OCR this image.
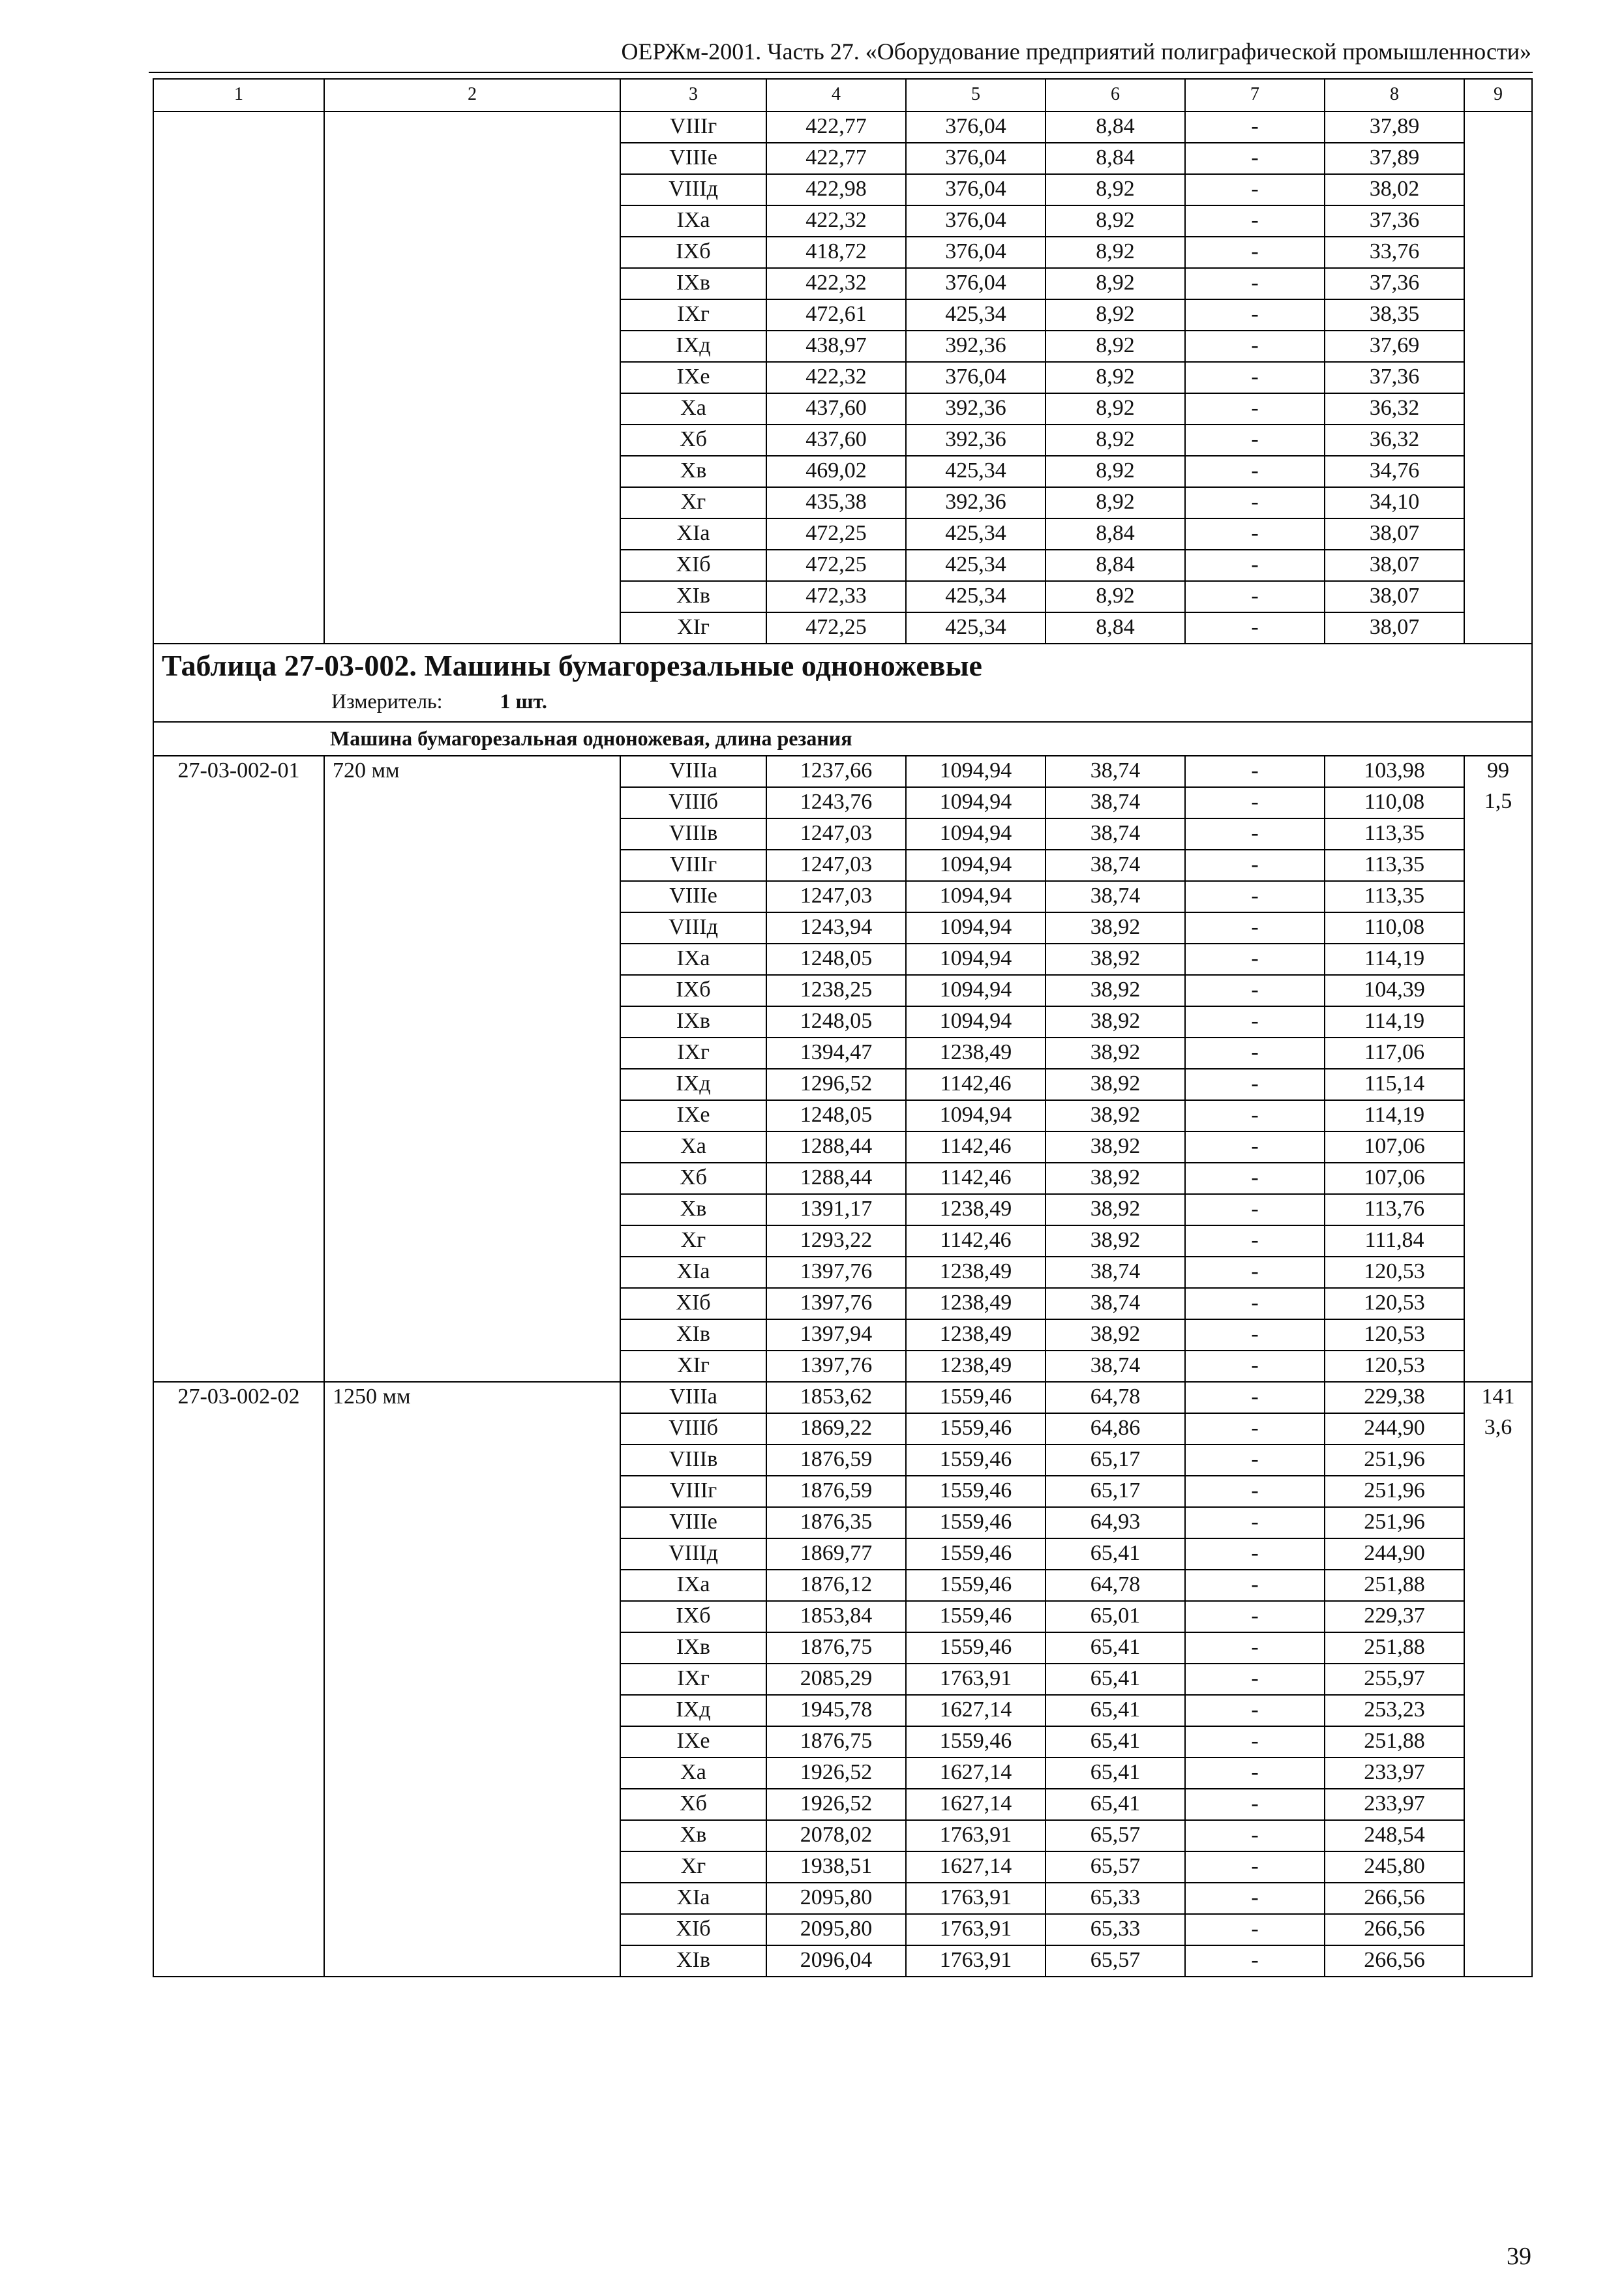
ОЕРЖм-2001. Часть 27. «Оборудование предприятий полиграфической промышленности»
1	2	3	4	5	6	7	8	9
		VIIIг	422,77	376,04	8,84	-	37,89	
		VIIIе	422,77	376,04	8,84	-	37,89	
		VIIIд	422,98	376,04	8,92	-	38,02	
		IXа	422,32	376,04	8,92	-	37,36	
		IXб	418,72	376,04	8,92	-	33,76	
		IXв	422,32	376,04	8,92	-	37,36	
		IXг	472,61	425,34	8,92	-	38,35	
		IXд	438,97	392,36	8,92	-	37,69	
		IXе	422,32	376,04	8,92	-	37,36	
		Xа	437,60	392,36	8,92	-	36,32	
		Xб	437,60	392,36	8,92	-	36,32	
		Xв	469,02	425,34	8,92	-	34,76	
		Xг	435,38	392,36	8,92	-	34,10	
		XIа	472,25	425,34	8,84	-	38,07	
		XIб	472,25	425,34	8,84	-	38,07	
		XIв	472,33	425,34	8,92	-	38,07	
		XIг	472,25	425,34	8,84	-	38,07	

Таблица 27-03-002. Машины бумагорезальные одноножевые
Измеритель: 1 шт.								

Машина бумагорезальная одноножевая, длина резания								
27-03-002-01	720 мм	VIIIа	1237,66	1094,94	38,74	-	103,98	99
		VIIIб	1243,76	1094,94	38,74	-	110,08	1,5
		VIIIв	1247,03	1094,94	38,74	-	113,35	
		VIIIг	1247,03	1094,94	38,74	-	113,35	
		VIIIе	1247,03	1094,94	38,74	-	113,35	
		VIIIд	1243,94	1094,94	38,92	-	110,08	
		IXа	1248,05	1094,94	38,92	-	114,19	
		IXб	1238,25	1094,94	38,92	-	104,39	
		IXв	1248,05	1094,94	38,92	-	114,19	
		IXг	1394,47	1238,49	38,92	-	117,06	
		IXд	1296,52	1142,46	38,92	-	115,14	
		IXе	1248,05	1094,94	38,92	-	114,19	
		Xа	1288,44	1142,46	38,92	-	107,06	
		Xб	1288,44	1142,46	38,92	-	107,06	
		Xв	1391,17	1238,49	38,92	-	113,76	
		Xг	1293,22	1142,46	38,92	-	111,84	
		XIа	1397,76	1238,49	38,74	-	120,53	
		XIб	1397,76	1238,49	38,74	-	120,53	
		XIв	1397,94	1238,49	38,92	-	120,53	
		XIг	1397,76	1238,49	38,74	-	120,53	
27-03-002-02	1250 мм	VIIIа	1853,62	1559,46	64,78	-	229,38	141
		VIIIб	1869,22	1559,46	64,86	-	244,90	3,6
		VIIIв	1876,59	1559,46	65,17	-	251,96	
		VIIIг	1876,59	1559,46	65,17	-	251,96	
		VIIIе	1876,35	1559,46	64,93	-	251,96	
		VIIIд	1869,77	1559,46	65,41	-	244,90	
		IXа	1876,12	1559,46	64,78	-	251,88	
		IXб	1853,84	1559,46	65,01	-	229,37	
		IXв	1876,75	1559,46	65,41	-	251,88	
		IXг	2085,29	1763,91	65,41	-	255,97	
		IXд	1945,78	1627,14	65,41	-	253,23	
		IXе	1876,75	1559,46	65,41	-	251,88	
		Xа	1926,52	1627,14	65,41	-	233,97	
		Xб	1926,52	1627,14	65,41	-	233,97	
		Xв	2078,02	1763,91	65,57	-	248,54	
		Xг	1938,51	1627,14	65,57	-	245,80	
		XIа	2095,80	1763,91	65,33	-	266,56	
		XIб	2095,80	1763,91	65,33	-	266,56	
		XIв	2096,04	1763,91	65,57	-	266,56	
39
